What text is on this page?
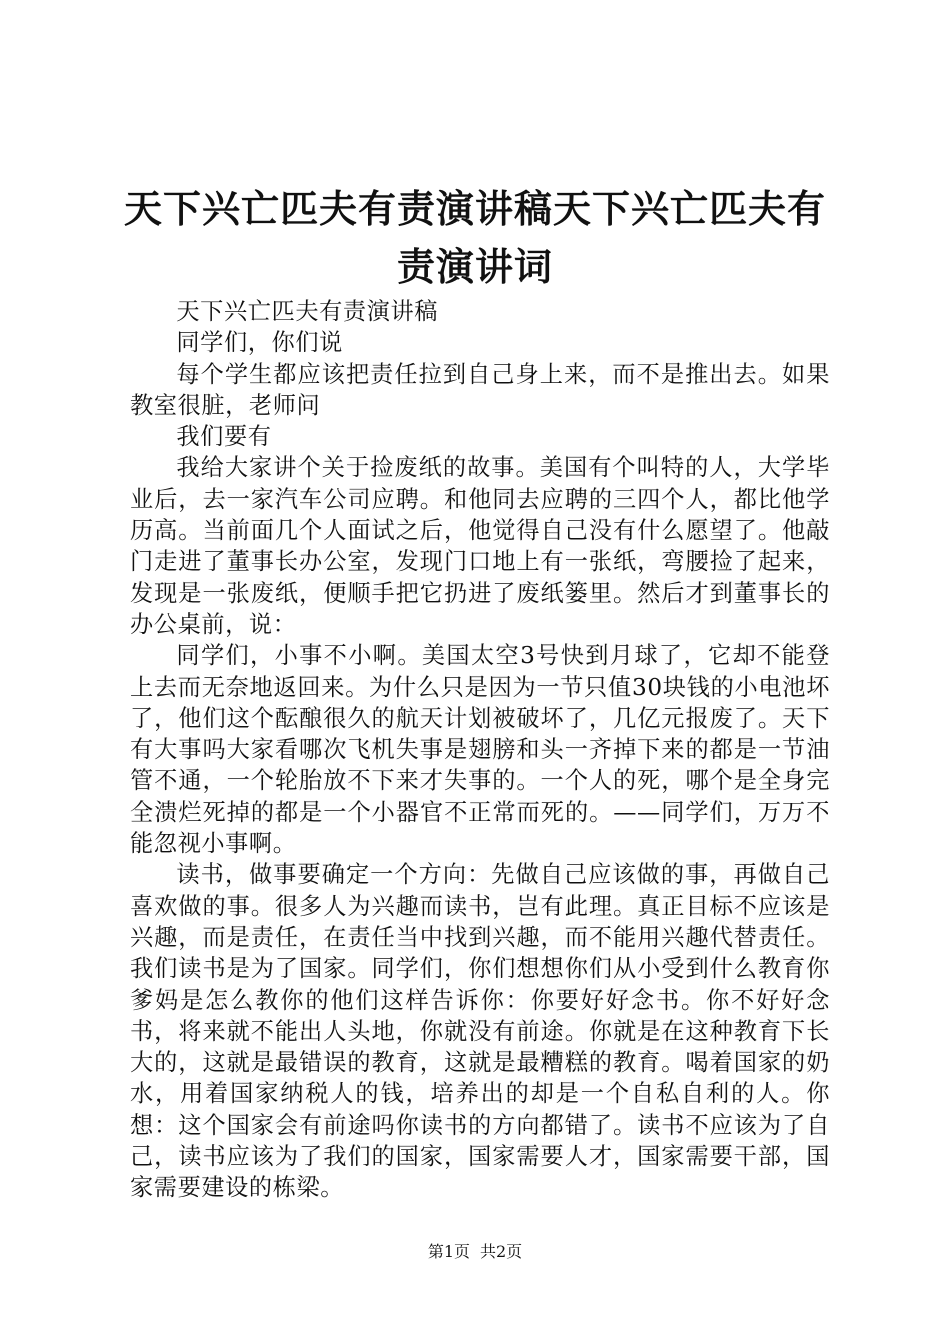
天下兴亡匹夫有责演讲稿天下兴亡匹夫有责演讲词

天下兴亡匹夫有责演讲稿

同学们，你们说

每个学生都应该把责任拉到自己身上来，而不是推出去。如果教室很脏，老师问

我们要有

我给大家讲个关于捡废纸的故事。美国有个叫特的人，大学毕业后，去一家汽车公司应聘。和他同去应聘的三四个人，都比他学历高。当前面几个人面试之后，他觉得自己没有什么愿望了。他敲门走进了董事长办公室，发现门口地上有一张纸，弯腰捡了起来，发现是一张废纸，便顺手把它扔进了废纸篓里。然后才到董事长的办公桌前，说：

同学们，小事不小啊。美国太空3号快到月球了，它却不能登上去而无奈地返回来。为什么只是因为一节只值30块钱的小电池坏了，他们这个酝酿很久的航天计划被破坏了，几亿元报废了。天下有大事吗大家看哪次飞机失事是翅膀和头一齐掉下来的都是一节油管不通，一个轮胎放不下来才失事的。一个人的死，哪个是全身完全溃烂死掉的都是一个小器官不正常而死的。——同学们，万万不能忽视小事啊。

读书，做事要确定一个方向：先做自己应该做的事，再做自己喜欢做的事。很多人为兴趣而读书，岂有此理。真正目标不应该是兴趣，而是责任，在责任当中找到兴趣，而不能用兴趣代替责任。我们读书是为了国家。同学们，你们想想你们从小受到什么教育你爹妈是怎么教你的他们这样告诉你：你要好好念书。你不好好念书，将来就不能出人头地，你就没有前途。你就是在这种教育下长大的，这就是最错误的教育，这就是最糟糕的教育。喝着国家的奶水，用着国家纳税人的钱，培养出的却是一个自私自利的人。你想：这个国家会有前途吗你读书的方向都错了。读书不应该为了自己，读书应该为了我们的国家，国家需要人才，国家需要干部，国家需要建设的栋梁。

第1页 共2页
